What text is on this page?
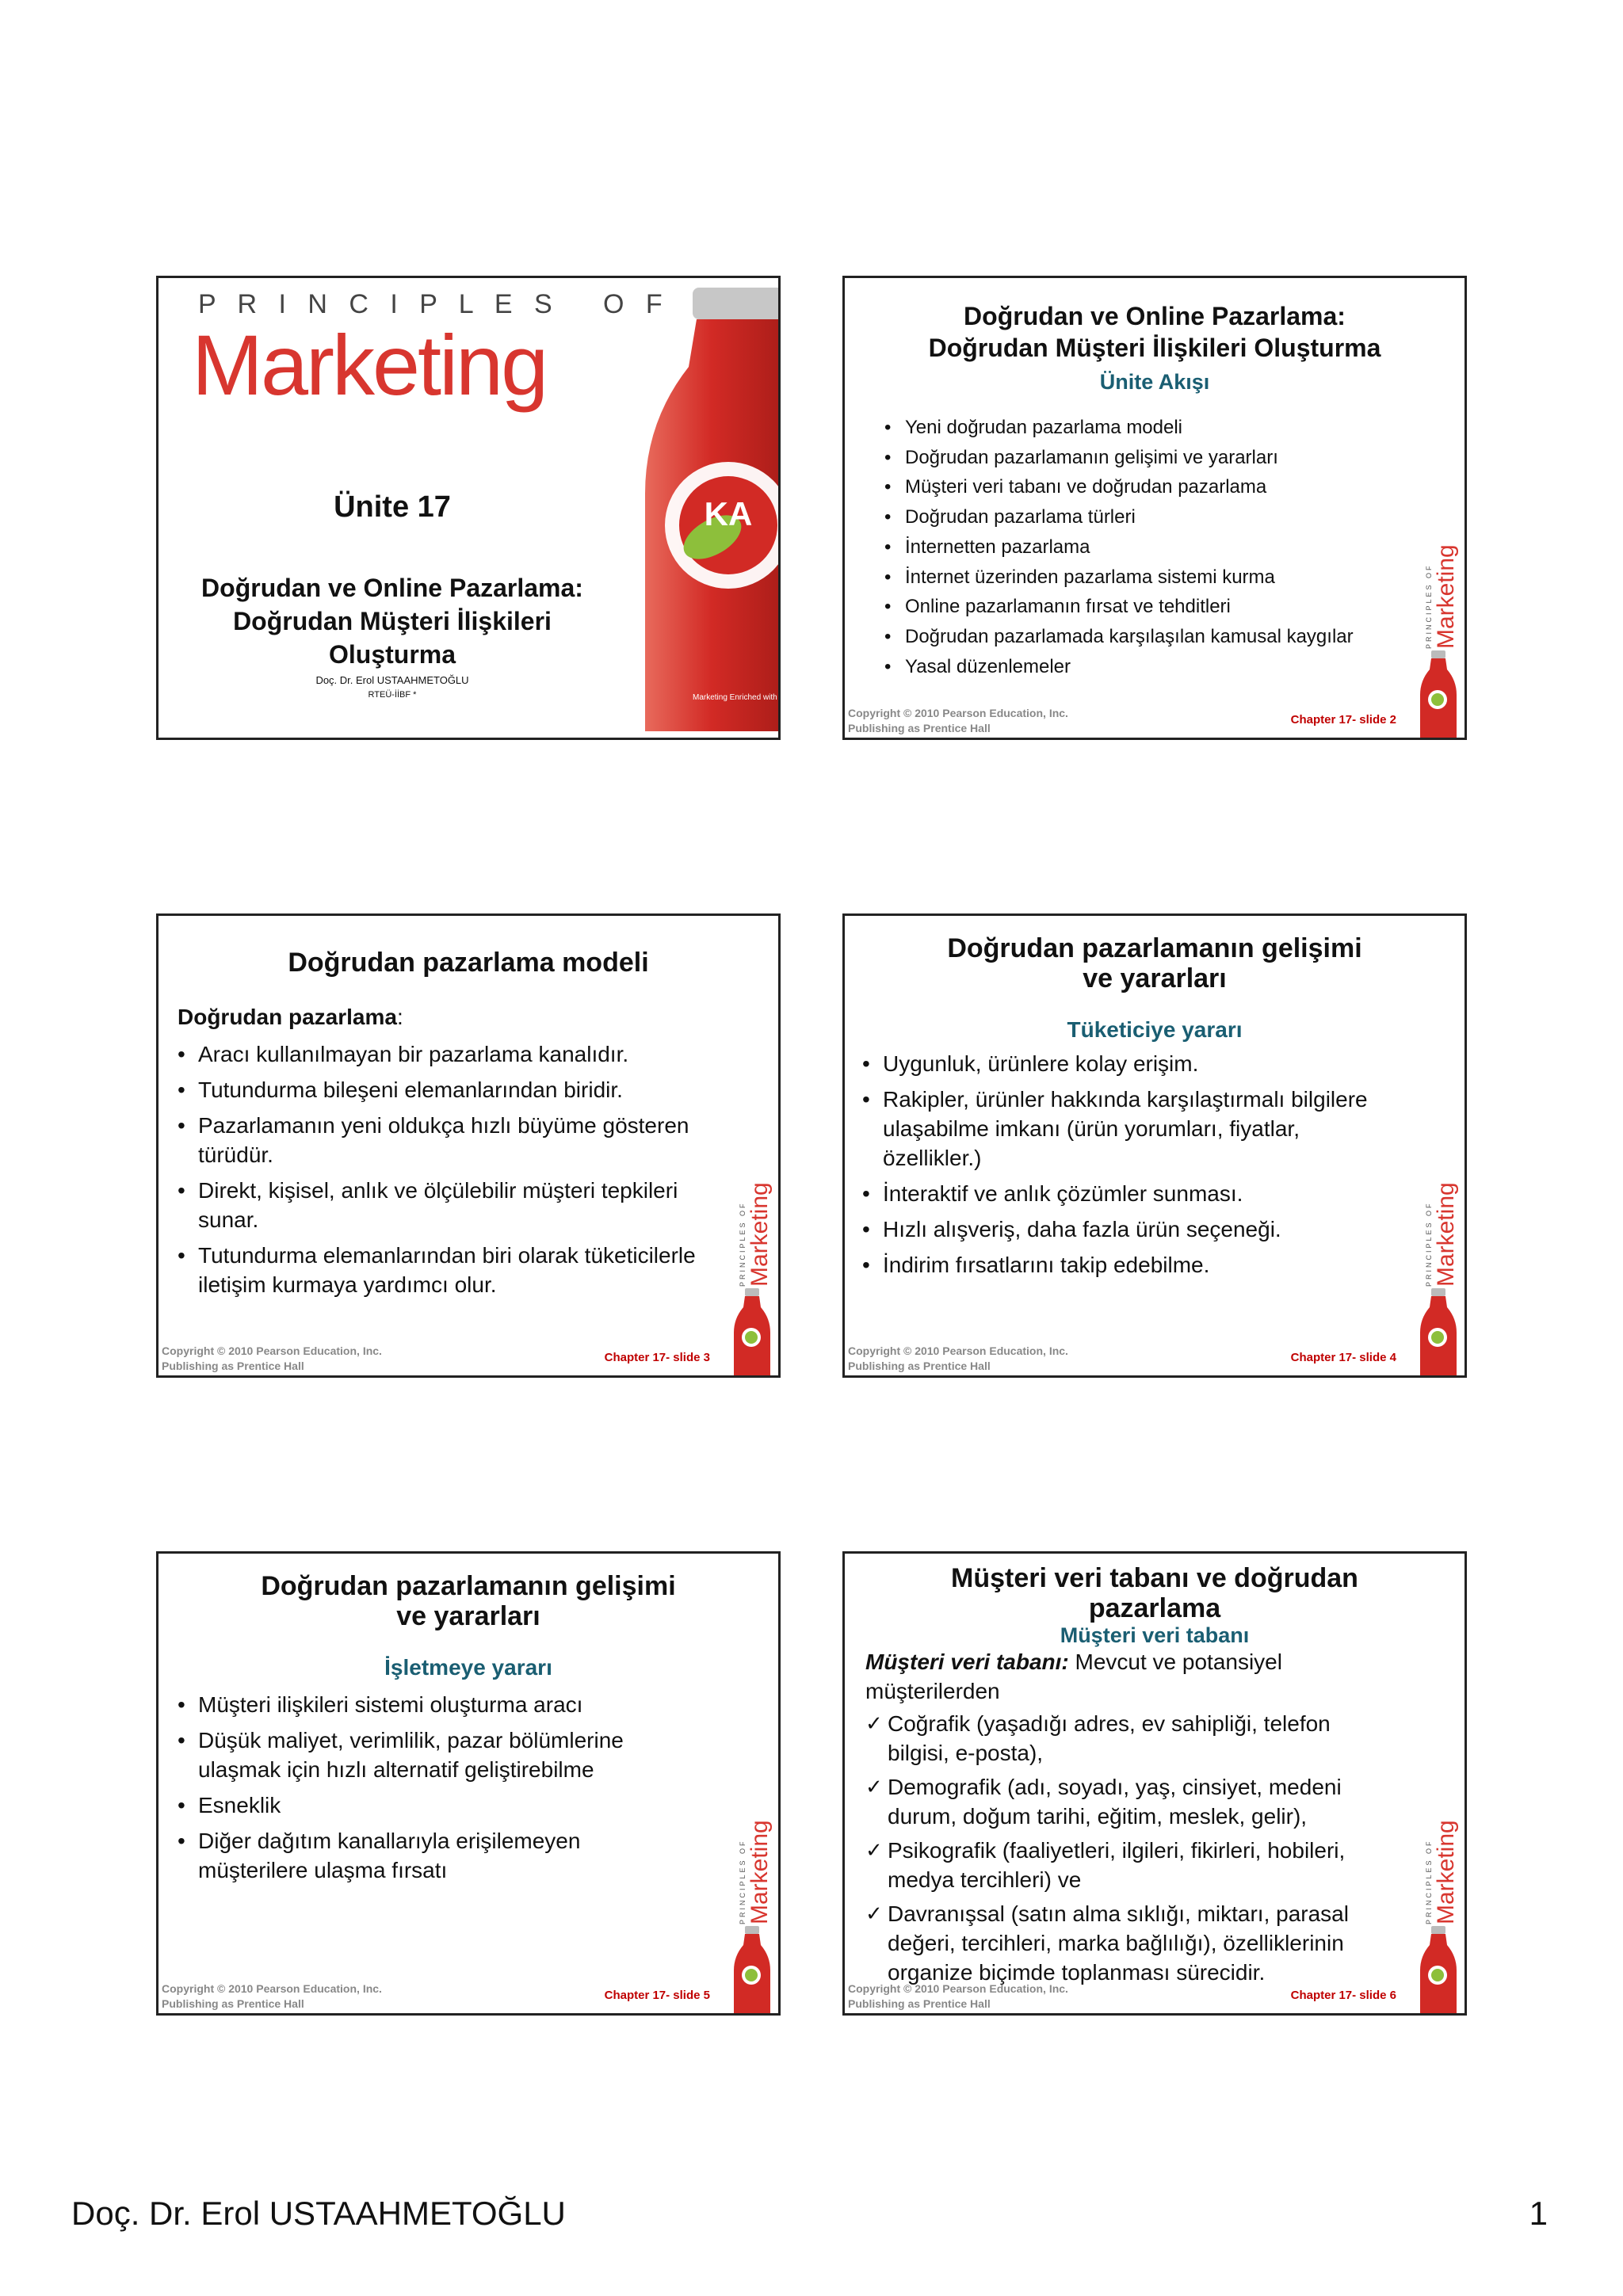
P R I N C I P L E S   O F
Marketing
KA
Marketing Enriched with passion
Ünite 17
Doğrudan ve Online Pazarlama:
Doğrudan Müşteri İlişkileri
Oluşturma
Doç. Dr. Erol USTAAHMETOĞLU
RTEÜ-İİBF *
Doğrudan ve Online Pazarlama:
Doğrudan Müşteri İlişkileri Oluşturma
Ünite Akışı
• Yeni doğrudan pazarlama modeli
• Doğrudan pazarlamanın gelişimi ve yararları
• Müşteri veri tabanı ve doğrudan pazarlama
• Doğrudan pazarlama türleri
• İnternetten pazarlama
• İnternet üzerinden pazarlama sistemi kurma
• Online pazarlamanın fırsat ve tehditleri
• Doğrudan pazarlamada karşılaşılan kamusal kaygılar
• Yasal düzenlemeler
PRINCIPLES OF Marketing
Copyright © 2010 Pearson Education, Inc.
Publishing as Prentice Hall
Chapter 17- slide 2
Doğrudan pazarlama modeli
Doğrudan pazarlama:
• Aracı kullanılmayan bir pazarlama kanalıdır.
• Tutundurma bileşeni elemanlarından biridir.
• Pazarlamanın yeni oldukça hızlı büyüme gösteren türüdür.
• Direkt, kişisel, anlık ve ölçülebilir müşteri tepkileri sunar.
• Tutundurma elemanlarından biri olarak tüketicilerle iletişim kurmaya yardımcı olur.	PRINCIPLES OF Marketing
Copyright © 2010 Pearson Education, Inc.
Publishing as Prentice Hall
Chapter 17- slide 3
Doğrudan pazarlamanın gelişimi
ve yararları
Tüketiciye yararı
• Uygunluk, ürünlere kolay erişim.
• Rakipler, ürünler hakkında karşılaştırmalı bilgilere ulaşabilme imkanı (ürün yorumları, fiyatlar, özellikler.)
• İnteraktif ve anlık çözümler sunması.
• Hızlı alışveriş, daha fazla ürün seçeneği.
• İndirim fırsatlarını takip edebilme.	PRINCIPLES OF Marketing
Copyright © 2010 Pearson Education, Inc.
Publishing as Prentice Hall
Chapter 17- slide 4
Doğrudan pazarlamanın gelişimi
ve yararları
İşletmeye yararı
• Müşteri ilişkileri sistemi oluşturma aracı
• Düşük maliyet, verimlilik, pazar bölümlerine ulaşmak için hızlı alternatif geliştirebilme
• Esneklik
• Diğer dağıtım kanallarıyla erişilemeyen müşterilere ulaşma fırsatı	PRINCIPLES OF Marketing
Copyright © 2010 Pearson Education, Inc.
Publishing as Prentice Hall
Chapter 17- slide 5
Müşteri veri tabanı ve doğrudan
pazarlama
Müşteri veri tabanı
Müşteri veri tabanı: Mevcut ve potansiyel müşterilerden
✓ Coğrafik (yaşadığı adres, ev sahipliği, telefon bilgisi, e-posta),
✓ Demografik (adı, soyadı, yaş, cinsiyet, medeni durum, doğum tarihi, eğitim, meslek, gelir),
✓ Psikografik (faaliyetleri, ilgileri, fikirleri, hobileri, medya tercihleri) ve
✓ Davranışsal (satın alma sıklığı, miktarı, parasal değeri, tercihleri, marka bağlılığı), özelliklerinin organize biçimde toplanması sürecidir.
PRINCIPLES OF Marketing
Copyright © 2010 Pearson Education, Inc.
Publishing as Prentice Hall
Chapter 17- slide 6
Doç. Dr. Erol USTAAHMETOĞLU	1
